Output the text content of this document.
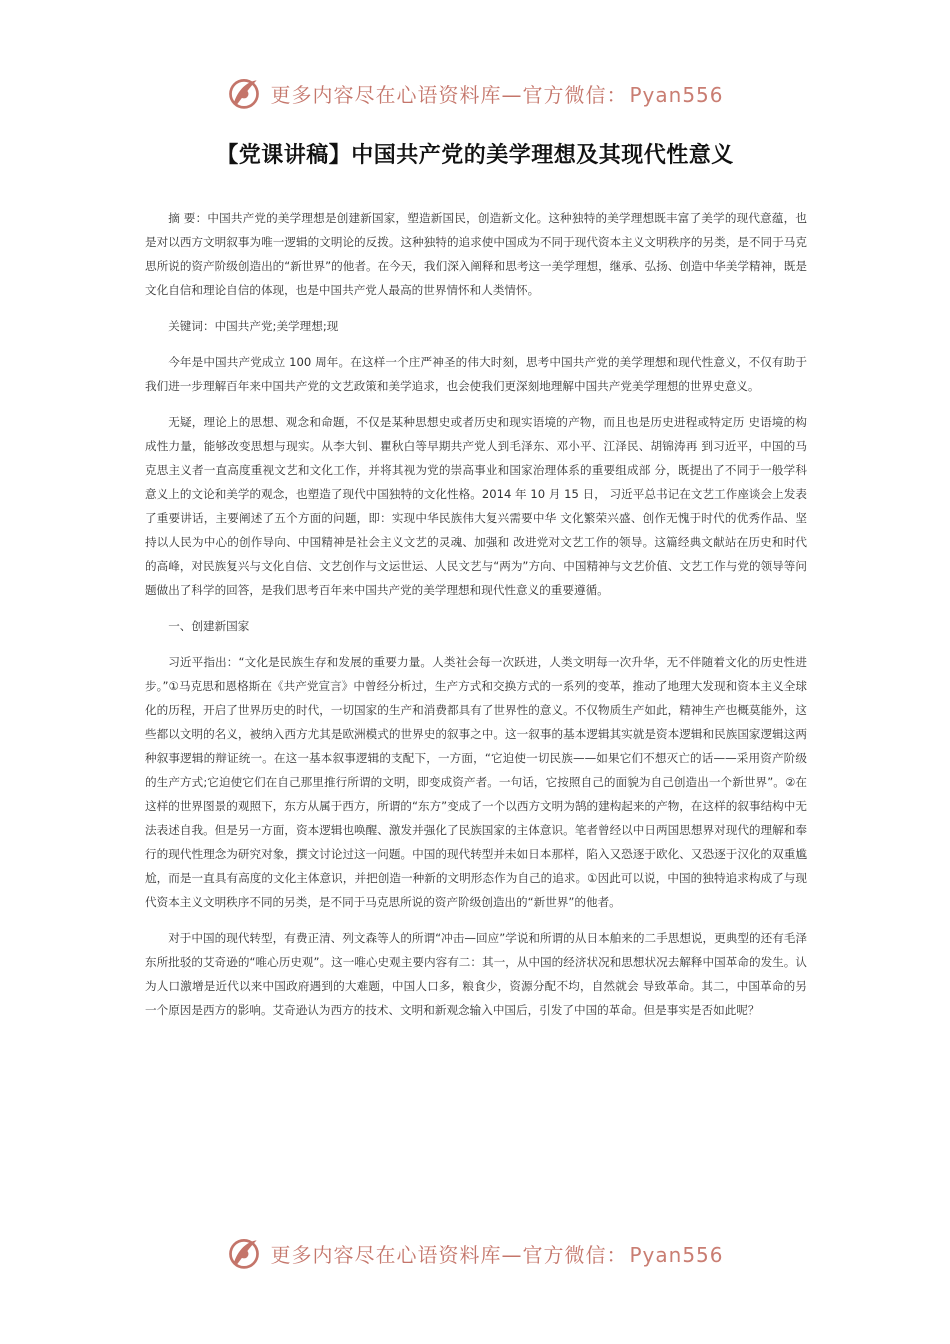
更多内容尽在心语资料库—官方微信： Pyan556
【党课讲稿】中国共产党的美学理想及其现代性意义

摘 要：中国共产党的美学理想是创建新国家，塑造新国民，创造新文化。这种独特的美学理想既丰富了美学的现代意蕴，也是对以西方文明叙事为唯一逻辑的文明论的反拨。这种独特的追求使中国成为不同于现代资本主义文明秩序的另类，是不同于马克思所说的资产阶级创造出的“新世界”的他者。在今天，我们深入阐释和思考这一美学理想，继承、弘扬、创造中华美学精神，既是文化自信和理论自信的体现，也是中国共产党人最高的世界情怀和人类情怀。

关键词：中国共产党;美学理想;现

今年是中国共产党成立 100 周年。在这样一个庄严神圣的伟大时刻，思考中国共产党的美学理想和现代性意义，不仅有助于我们进一步理解百年来中国共产党的文艺政策和美学追求，也会使我们更深刻地理解中国共产党美学理想的世界史意义。

无疑，理论上的思想、观念和命题，不仅是某种思想史或者历史和现实语境的产物，而且也是历史进程或特定历 史语境的构成性力量，能够改变思想与现实。从李大钊、瞿秋白等早期共产党人到毛泽东、邓小平、江泽民、胡锦涛再 到习近平，中国的马克思主义者一直高度重视文艺和文化工作，并将其视为党的崇高事业和国家治理体系的重要组成部 分，既提出了不同于一般学科意义上的文论和美学的观念，也塑造了现代中国独特的文化性格。2014 年 10 月 15 日， 习近平总书记在文艺工作座谈会上发表了重要讲话，主要阐述了五个方面的问题，即：实现中华民族伟大复兴需要中华 文化繁荣兴盛、创作无愧于时代的优秀作品、坚持以人民为中心的创作导向、中国精神是社会主义文艺的灵魂、加强和 改进党对文艺工作的领导。这篇经典文献站在历史和时代的高峰，对民族复兴与文化自信、文艺创作与文运世运、人民文艺与“两为”方向、中国精神与文艺价值、文艺工作与党的领导等问题做出了科学的回答，是我们思考百年来中国共产党的美学理想和现代性意义的重要遵循。

一、创建新国家

习近平指出：“文化是民族生存和发展的重要力量。人类社会每一次跃进，人类文明每一次升华，无不伴随着文化的历史性进步。”①马克思和恩格斯在《共产党宣言》中曾经分析过，生产方式和交换方式的一系列的变革，推动了地理大发现和资本主义全球化的历程，开启了世界历史的时代，一切国家的生产和消费都具有了世界性的意义。不仅物质生产如此，精神生产也概莫能外，这些都以文明的名义，被纳入西方尤其是欧洲模式的世界史的叙事之中。这一叙事的基本逻辑其实就是资本逻辑和民族国家逻辑这两种叙事逻辑的辩证统一。在这一基本叙事逻辑的支配下，一方面，“它迫使一切民族——如果它们不想灭亡的话——采用资产阶级的生产方式;它迫使它们在自己那里推行所谓的文明，即变成资产者。一句话，它按照自己的面貌为自己创造出一个新世界”。②在这样的世界图景的观照下，东方从属于西方，所谓的“东方”变成了一个以西方文明为鹄的建构起来的产物，在这样的叙事结构中无法表述自我。但是另一方面，资本逻辑也唤醒、激发并强化了民族国家的主体意识。笔者曾经以中日两国思想界对现代的理解和奉行的现代性理念为研究对象，撰文讨论过这一问题。中国的现代转型并未如日本那样，陷入又恐逐于欧化、又恐逐于汉化的双重尴尬，而是一直具有高度的文化主体意识，并把创造一种新的文明形态作为自己的追求。①因此可以说，中国的独特追求构成了与现代资本主义文明秩序不同的另类，是不同于马克思所说的资产阶级创造出的“新世界”的他者。

对于中国的现代转型，有费正清、列文森等人的所谓“冲击—回应”学说和所谓的从日本舶来的二手思想说，更典型的还有毛泽东所批驳的艾奇逊的“唯心历史观”。这一唯心史观主要内容有二：其一，从中国的经济状况和思想状况去解释中国革命的发生。认为人口激增是近代以来中国政府遇到的大难题，中国人口多，粮食少，资源分配不均，自然就会 导致革命。其二，中国革命的另一个原因是西方的影响。艾奇逊认为西方的技术、文明和新观念输入中国后，引发了中国的革命。但是事实是否如此呢？

更多内容尽在心语资料库—官方微信： Pyan556
